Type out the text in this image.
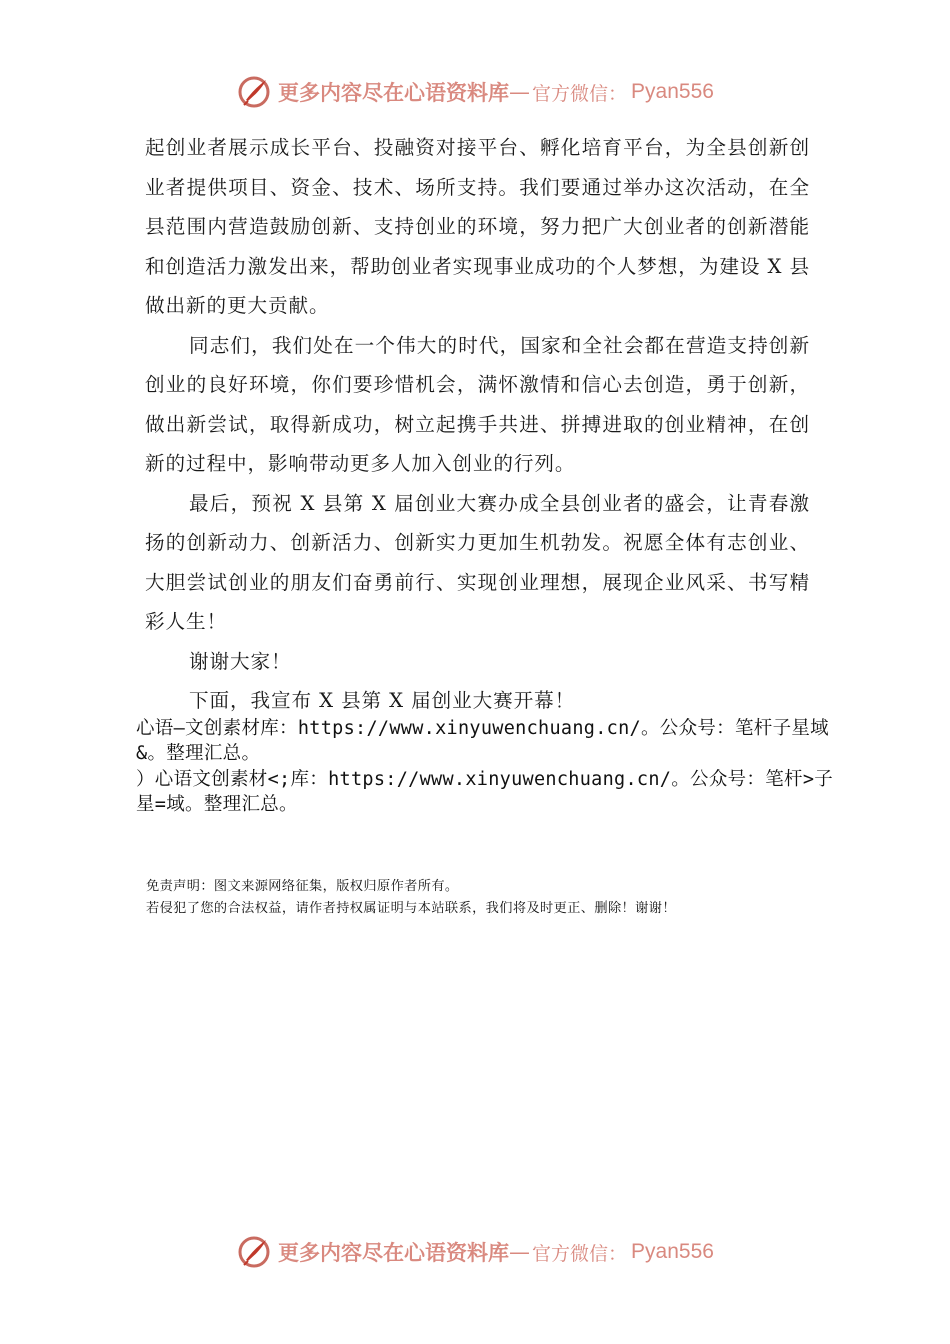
更多内容尽在心语资料库 — 官方微信： Pyan556

起创业者展示成长平台、投融资对接平台、孵化培育平台，为全县创新创业者提供项目、资金、技术、场所支持。我们要通过举办这次活动，在全县范围内营造鼓励创新、支持创业的环境，努力把广大创业者的创新潜能和创造活力激发出来，帮助创业者实现事业成功的个人梦想，为建设 X 县做出新的更大贡献。

同志们，我们处在一个伟大的时代，国家和全社会都在营造支持创新创业的良好环境，你们要珍惜机会，满怀激情和信心去创造，勇于创新，做出新尝试，取得新成功，树立起携手共进、拼搏进取的创业精神，在创新的过程中，影响带动更多人加入创业的行列。

最后，预祝 X 县第 X 届创业大赛办成全县创业者的盛会，让青春激扬的创新动力、创新活力、创新实力更加生机勃发。祝愿全体有志创业、大胆尝试创业的朋友们奋勇前行、实现创业理想，展现企业风采、书写精彩人生！

谢谢大家！

下面，我宣布 X 县第 X 届创业大赛开幕！

心语—文创素材库：https://www.xinyuwenchuang.cn/。公众号：笔杆子星域&。整理汇总。
）心语文创素材<;库：https://www.xinyuwenchuang.cn/。公众号：笔杆>子星=域。整理汇总。
免责声明：图文来源网络征集，版权归原作者所有。
若侵犯了您的合法权益，请作者持权属证明与本站联系，我们将及时更正、删除！谢谢！
更多内容尽在心语资料库 — 官方微信： Pyan556
